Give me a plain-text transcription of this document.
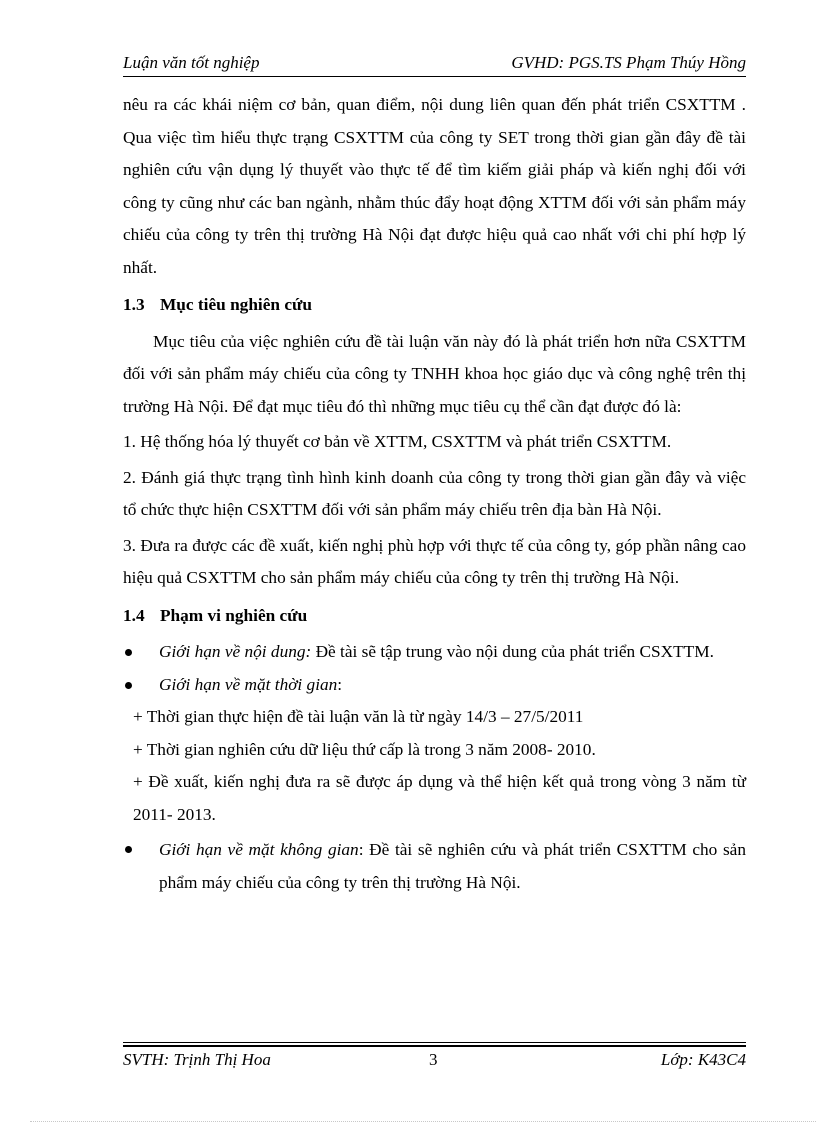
Luận văn tốt nghiệp	GVHD: PGS.TS Phạm Thúy Hồng

nêu ra các khái niệm cơ bản, quan điểm, nội dung liên quan đến phát triển CSXTTM . Qua việc tìm hiểu thực trạng CSXTTM của công ty SET trong thời gian gần đây đề tài nghiên cứu vận dụng lý thuyết vào thực tế để tìm kiếm giải pháp và kiến nghị đối với công ty cũng như các ban ngành, nhằm thúc đẩy hoạt động XTTM đối với sản phẩm máy chiếu của công ty trên thị trường Hà Nội đạt được hiệu quả cao nhất với chi phí hợp lý nhất.

1.3 Mục tiêu nghiên cứu

Mục tiêu của việc nghiên cứu đề tài luận văn này đó là phát triển hơn nữa CSXTTM đối với sản phẩm máy chiếu của công ty TNHH khoa học giáo dục và công nghệ trên thị trường Hà Nội. Để đạt mục tiêu đó thì những mục tiêu cụ thể cần đạt được đó là:

1. Hệ thống hóa lý thuyết cơ bản về XTTM, CSXTTM và phát triển CSXTTM.

2. Đánh giá thực trạng tình hình kinh doanh của công ty trong thời gian gần đây và việc tổ chức thực hiện CSXTTM đối với sản phẩm máy chiếu trên địa bàn Hà Nội.

3. Đưa ra được các đề xuất, kiến nghị phù hợp với thực tế của công ty, góp phần nâng cao hiệu quả CSXTTM cho sản phẩm máy chiếu của công ty trên thị trường Hà Nội.

1.4 Phạm vi nghiên cứu

Giới hạn về nội dung: Đề tài sẽ tập trung vào nội dung của phát triển CSXTTM.

Giới hạn về mặt thời gian:

+ Thời gian thực hiện đề tài luận văn là từ ngày 14/3 – 27/5/2011

+ Thời gian nghiên cứu dữ liệu thứ cấp là trong 3 năm 2008- 2010.

+ Đề xuất, kiến nghị đưa ra sẽ được áp dụng và thể hiện kết quả trong vòng 3 năm từ 2011- 2013.

Giới hạn về mặt không gian: Đề tài sẽ nghiên cứu và phát triển CSXTTM cho sản phẩm máy chiếu của công ty trên thị trường Hà Nội.

SVTH: Trịnh Thị Hoa	3	Lớp: K43C4
